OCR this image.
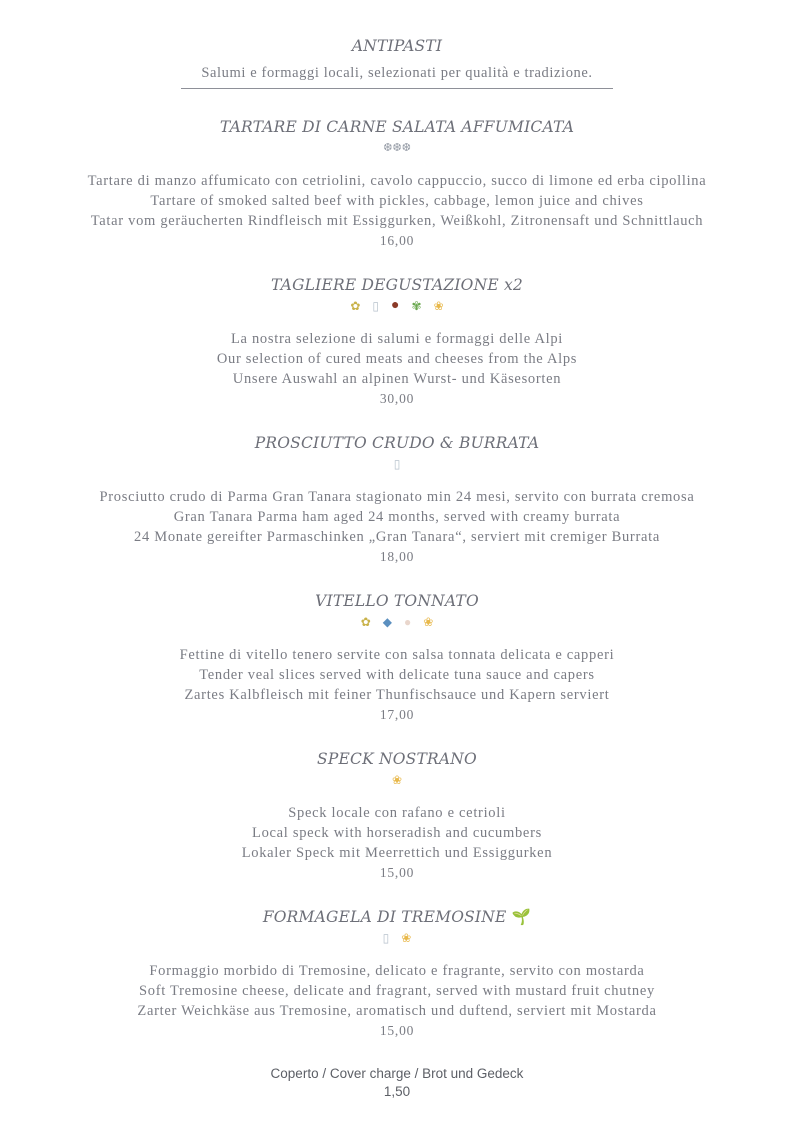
ANTIPASTI
Salumi e formaggi locali, selezionati per qualità e tradizione.
TARTARE DI CARNE SALATA AFFUMICATA
❆❆❆
Tartare di manzo affumicato con cetriolini, cavolo cappuccio, succo di limone ed erba cipollina
Tartare of smoked salted beef with pickles, cabbage, lemon juice and chives
Tatar vom geräucherten Rindfleisch mit Essiggurken, Weißkohl, Zitronensaft und Schnittlauch
16,00
TAGLIERE DEGUSTAZIONE x2
✿ ▯ ● ✾ ❀
La nostra selezione di salumi e formaggi delle Alpi
Our selection of cured meats and cheeses from the Alps
Unsere Auswahl an alpinen Wurst- und Käsesorten
30,00
PROSCIUTTO CRUDO & BURRATA
▯
Prosciutto crudo di Parma Gran Tanara stagionato min 24 mesi, servito con burrata cremosa
Gran Tanara Parma ham aged 24 months, served with creamy burrata
24 Monate gereifter Parmaschinken „Gran Tanara“, serviert mit cremiger Burrata
18,00
VITELLO TONNATO
✿ ◆ ● ❀
Fettine di vitello tenero servite con salsa tonnata delicata e capperi
Tender veal slices served with delicate tuna sauce and capers
Zartes Kalbfleisch mit feiner Thunfischsauce und Kapern serviert
17,00
SPECK NOSTRANO
❀
Speck locale con rafano e cetrioli
Local speck with horseradish and cucumbers
Lokaler Speck mit Meerrettich und Essiggurken
15,00
FORMAGELA DI TREMOSINE 🌱
▯ ❀
Formaggio morbido di Tremosine, delicato e fragrante, servito con mostarda
Soft Tremosine cheese, delicate and fragrant, served with mustard fruit chutney
Zarter Weichkäse aus Tremosine, aromatisch und duftend, serviert mit Mostarda
15,00
Coperto / Cover charge / Brot und Gedeck
1,50
